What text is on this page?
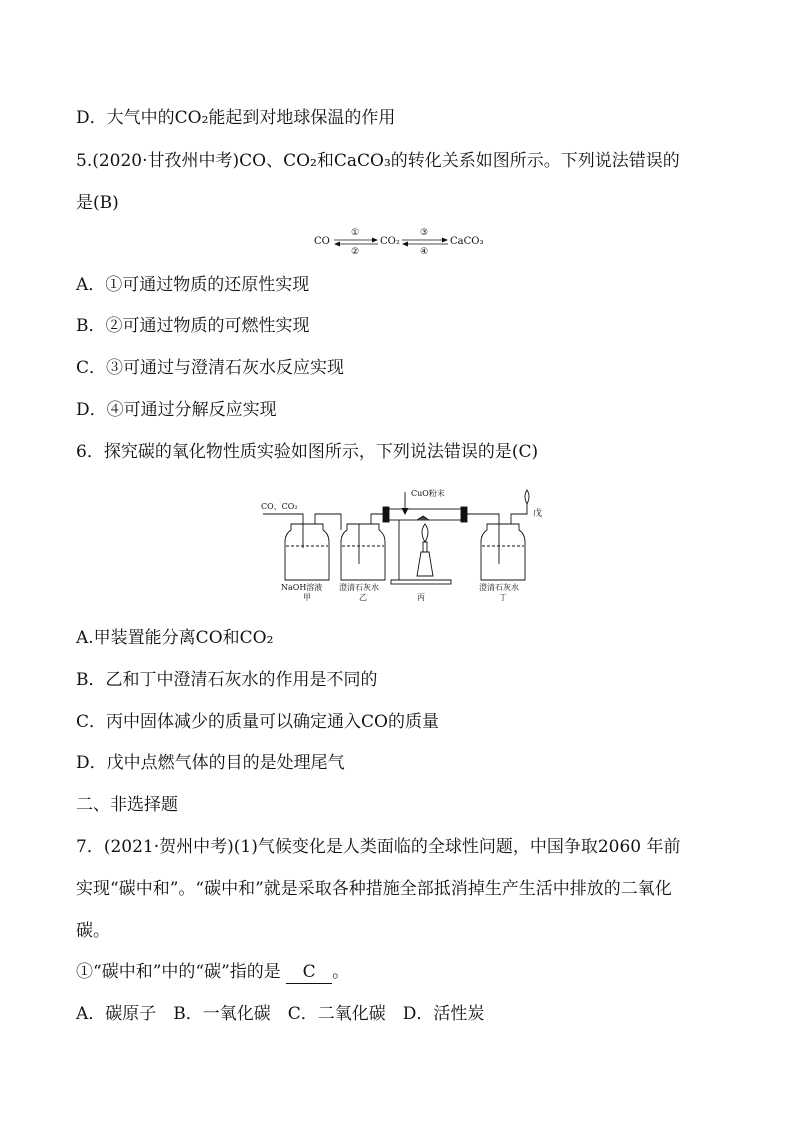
D．大气中的CO₂能起到对地球保温的作用
5.(2020·甘孜州中考)CO、CO₂和CaCO₃的转化关系如图所示。下列说法错误的
是(B)
CO
①
②
CO₂
③
④
CaCO₃
A．①可通过物质的还原性实现
B．②可通过物质的可燃性实现
C．③可通过与澄清石灰水反应实现
D．④可通过分解反应实现
6．探究碳的氧化物性质实验如图所示，下列说法错误的是(C)
CO、CO₂
CuO粉末
戊
NaOH溶液
甲
澄清石灰水
乙	丙
澄清石灰水
丁
A.甲装置能分离CO和CO₂
B．乙和丁中澄清石灰水的作用是不同的
C．丙中固体减少的质量可以确定通入CO的质量
D．戊中点燃气体的目的是处理尾气
二、非选择题
7．(2021·贺州中考)(1)气候变化是人类面临的全球性问题，中国争取2060 年前
实现“碳中和”。“碳中和”就是采取各种措施全部抵消掉生产生活中排放的二氧化
碳。
①“碳中和”中的“碳”指的是 C 。
A．碳原子　B．一氧化碳　C．二氧化碳　D．活性炭
